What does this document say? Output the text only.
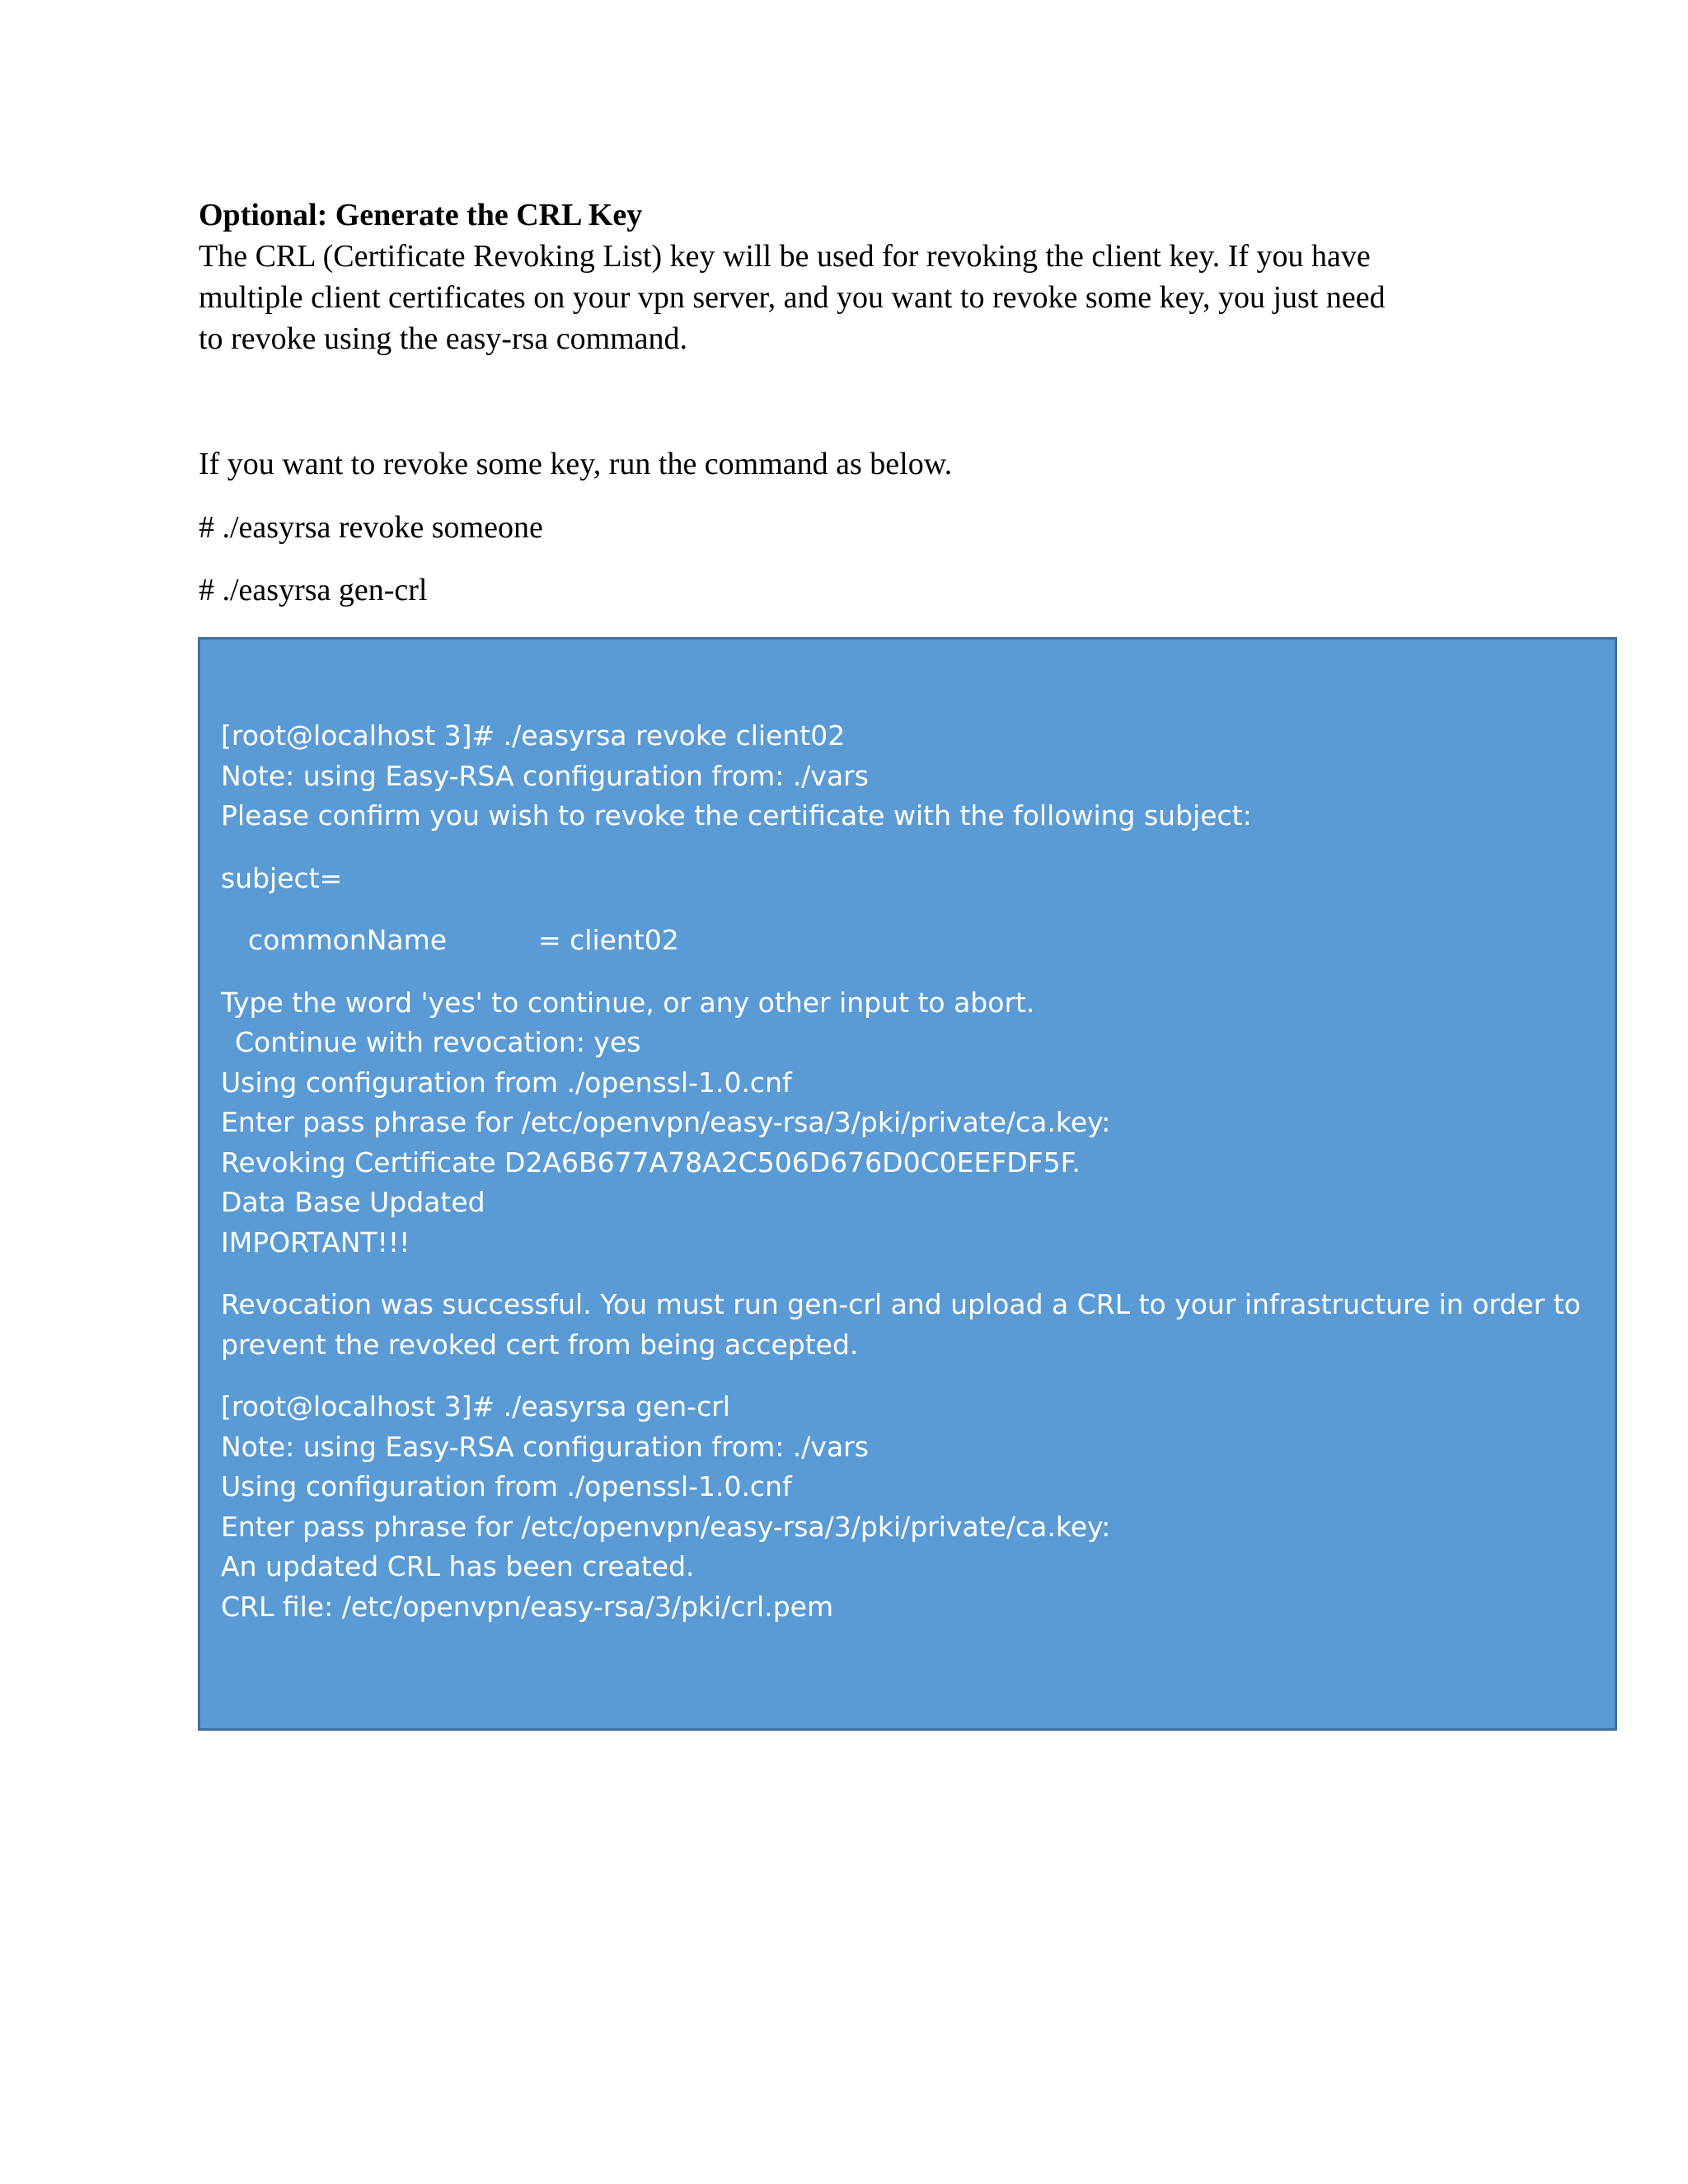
Optional: Generate the CRL Key

The CRL (Certificate Revoking List) key will be used for revoking the client key. If you have
multiple client certificates on your vpn server, and you want to revoke some key, you just need
to revoke using the easy-rsa command.

If you want to revoke some key, run the command as below.

# ./easyrsa revoke someone

# ./easyrsa gen-crl

[root@localhost 3]# ./easyrsa revoke client02

Note: using Easy-RSA configuration from: ./vars

Please confirm you wish to revoke the certificate with the following subject:

subject=

commonName	= client02

Type the word 'yes' to continue, or any other input to abort.

Continue with revocation: yes

Using configuration from ./openssl-1.0.cnf

Enter pass phrase for /etc/openvpn/easy-rsa/3/pki/private/ca.key:

Revoking Certificate D2A6B677A78A2C506D676D0C0EEFDF5F.

Data Base Updated

IMPORTANT!!!

Revocation was successful. You must run gen-crl and upload a CRL to your infrastructure in order to prevent the revoked cert from being accepted.

[root@localhost 3]# ./easyrsa gen-crl

Note: using Easy-RSA configuration from: ./vars

Using configuration from ./openssl-1.0.cnf

Enter pass phrase for /etc/openvpn/easy-rsa/3/pki/private/ca.key:

An updated CRL has been created.

CRL file: /etc/openvpn/easy-rsa/3/pki/crl.pem
